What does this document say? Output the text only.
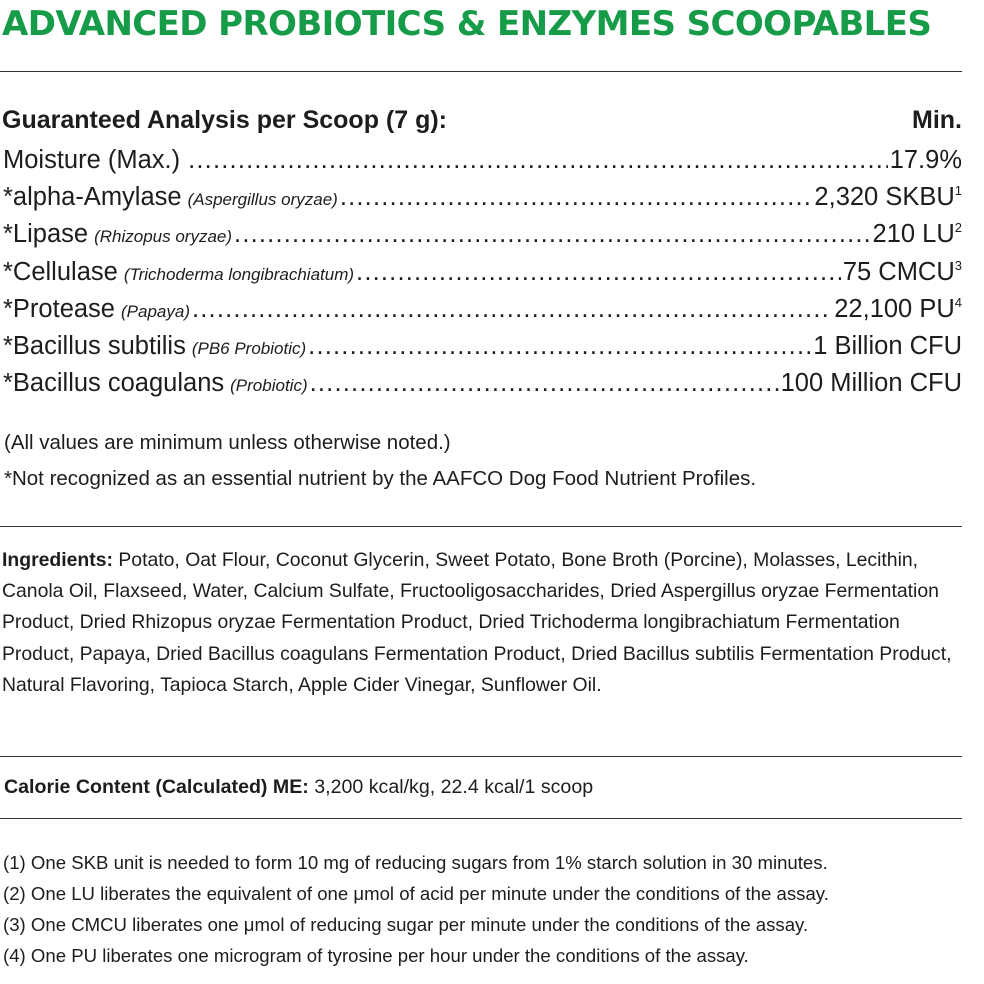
ADVANCED PROBIOTICS & ENZYMES SCOOPABLES
Guaranteed Analysis per Scoop (7 g):	Min.
Moisture (Max.) .....	17.9%
*alpha-Amylase (Aspergillus oryzae) .....	2,320 SKBU$^1$
*Lipase (Rhizopus oryzae) .....	210 $LU^2$
*Cellulase (Trichoderma longibrachiatum) .....	75 CMCU$^3$
*Protease (Papaya) .....	22,100 $PU^4$
*Bacillus subtilis (PB6 Probiotic) .....	1 Billion CFU
*Bacillus coagulans (Probiotic) .....	100 Million CFU
(All values are minimum unless otherwise noted.)
*Not recognized as an essential nutrient by the AAFCO Dog Food Nutrient Profiles.

Ingredients: Potato, Oat Flour, Coconut Glycerin, Sweet Potato, Bone Broth (Porcine), Molasses, Lecithin, Canola Oil, Flaxseed, Water, Calcium Sulfate, Fructooligosaccharides, Dried Aspergillus oryzae Fermentation Product, Dried Rhizopus oryzae Fermentation Product, Dried Trichoderma longibrachiatum Fermentation Product, Papaya, Dried Bacillus coagulans Fermentation Product, Dried Bacillus subtilis Fermentation Product, Natural Flavoring, Tapioca Starch, Apple Cider Vinegar, Sunflower Oil.

Calorie Content (Calculated) ME: 3,200 kcal/kg, 22.4 kcal/1 scoop
(1) One SKB unit is needed to form 10 mg of reducing sugars from 1% starch solution in 30 minutes.
(2) One LU liberates the equivalent of one μmol of acid per minute under the conditions of the assay.
(3) One CMCU liberates one μmol of reducing sugar per minute under the conditions of the assay.
(4) One PU liberates one microgram of tyrosine per hour under the conditions of the assay.
